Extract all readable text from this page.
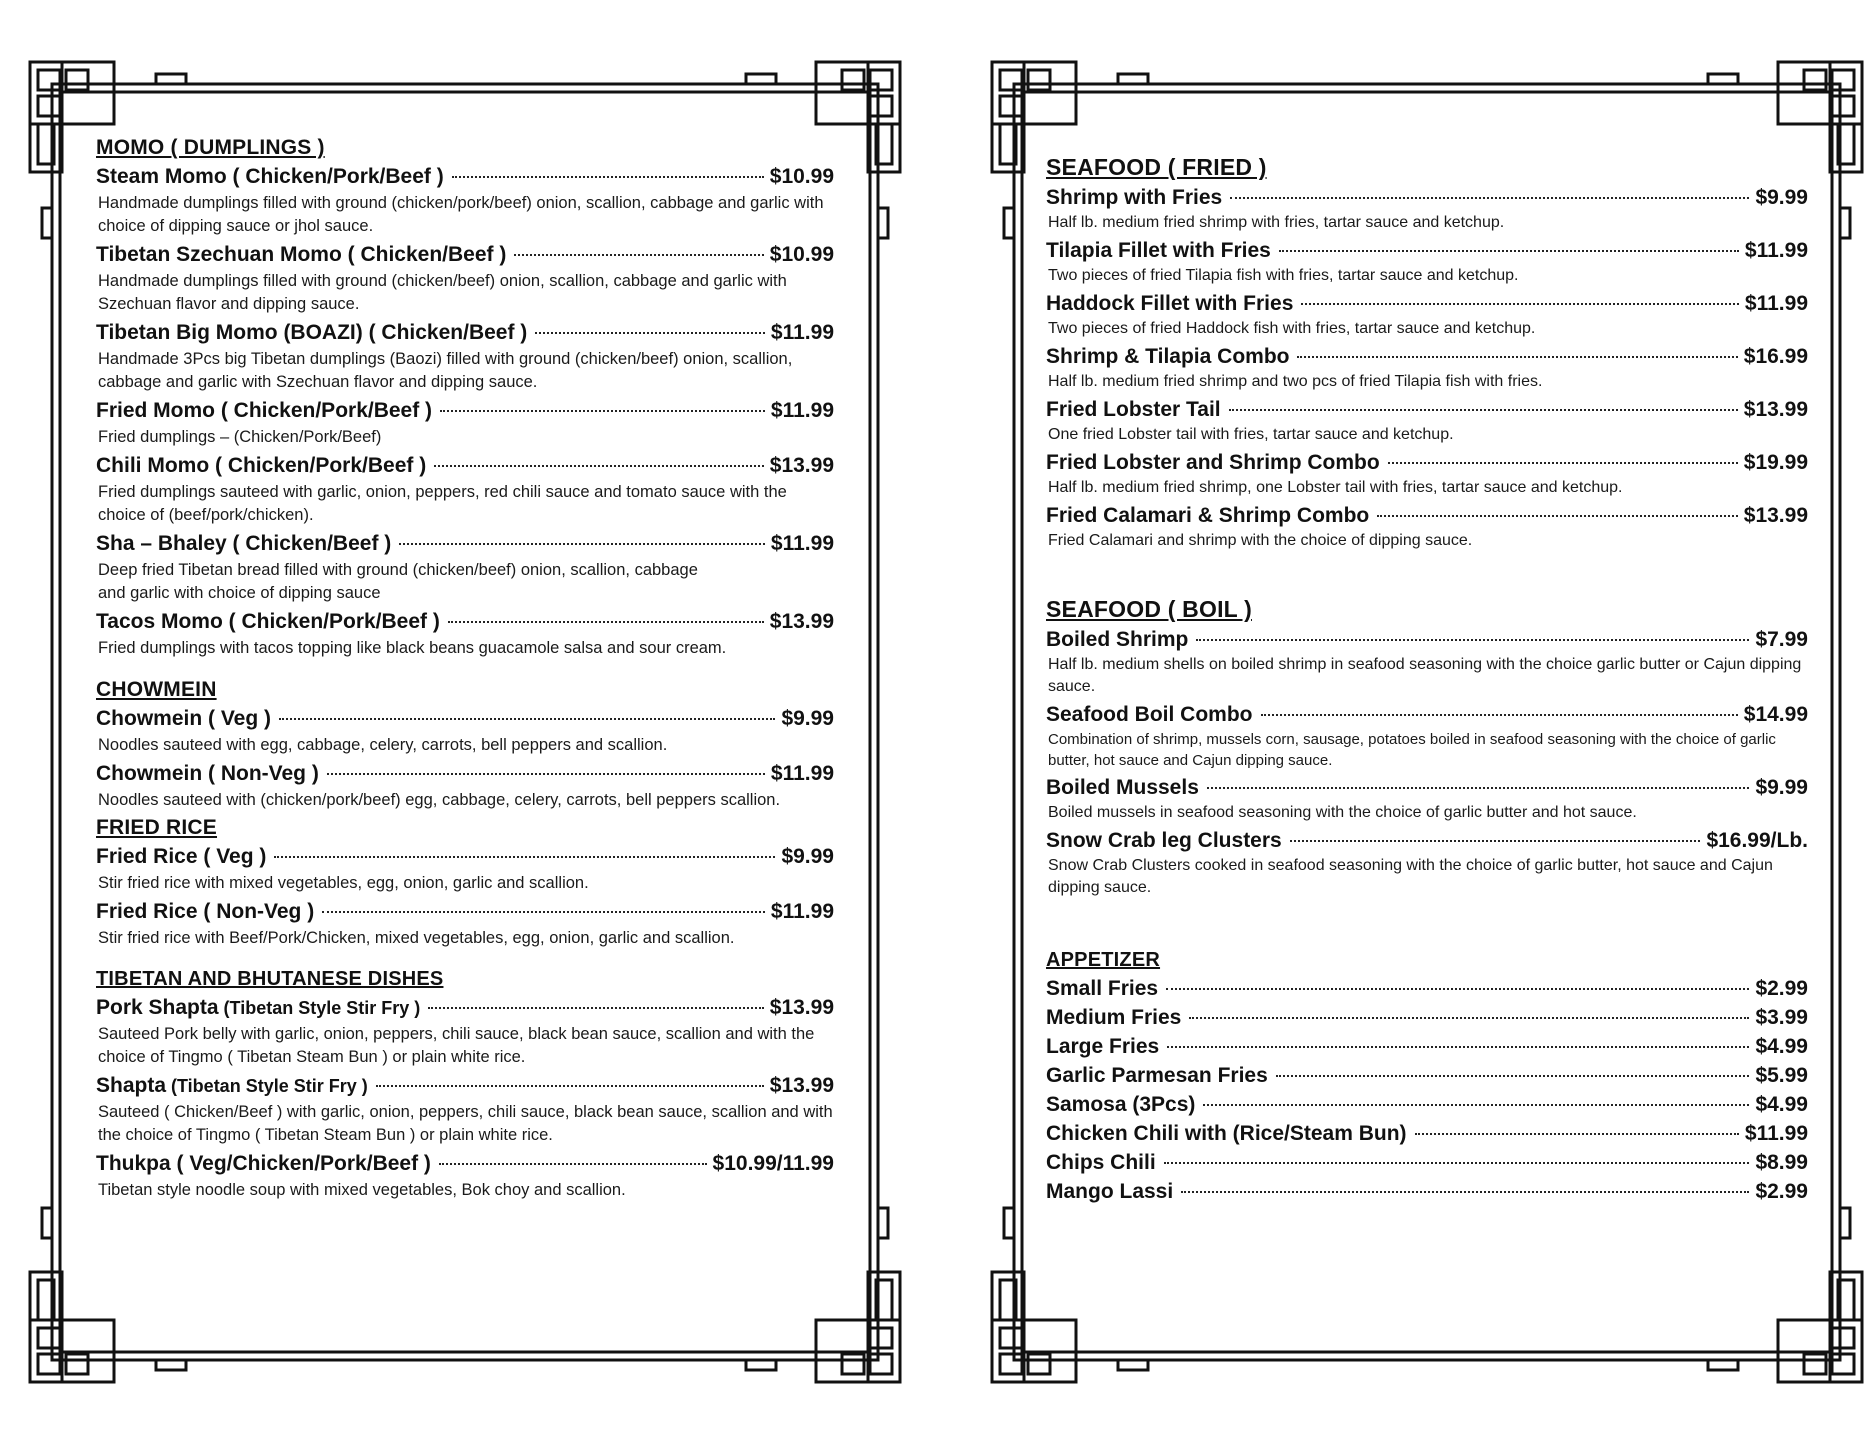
MOMO ( DUMPLINGS )
Steam Momo ( Chicken/Pork/Beef )	$10.99
Handmade dumplings filled with ground (chicken/pork/beef) onion, scallion, cabbage and garlic with choice of dipping sauce or jhol sauce.
Tibetan Szechuan Momo ( Chicken/Beef )	$10.99
Handmade dumplings filled with ground (chicken/beef) onion, scallion, cabbage and garlic with Szechuan flavor and dipping sauce.
Tibetan Big Momo (BOAZI) ( Chicken/Beef )	$11.99
Handmade 3Pcs big Tibetan dumplings (Baozi) filled with ground (chicken/beef) onion, scallion, cabbage and garlic with Szechuan flavor and dipping sauce.
Fried Momo ( Chicken/Pork/Beef )	$11.99
Fried dumplings – (Chicken/Pork/Beef)
Chili Momo ( Chicken/Pork/Beef )	$13.99
Fried dumplings sauteed with garlic, onion, peppers, red chili sauce and tomato sauce with the choice of (beef/pork/chicken).
Sha – Bhaley ( Chicken/Beef )	$11.99
Deep fried Tibetan bread filled with ground (chicken/beef) onion, scallion, cabbage and garlic with choice of dipping sauce
Tacos Momo ( Chicken/Pork/Beef )	$13.99
Fried dumplings with tacos topping like black beans guacamole salsa and sour cream.
CHOWMEIN
Chowmein ( Veg )	$9.99
Noodles sauteed with egg, cabbage, celery, carrots, bell peppers and scallion.
Chowmein ( Non-Veg )	$11.99
Noodles sauteed with (chicken/pork/beef) egg, cabbage, celery, carrots, bell peppers scallion.
FRIED RICE
Fried Rice ( Veg )	$9.99
Stir fried rice with mixed vegetables, egg, onion, garlic and scallion.
Fried Rice ( Non-Veg )	$11.99
Stir fried rice with Beef/Pork/Chicken, mixed vegetables, egg, onion, garlic and scallion.
TIBETAN AND BHUTANESE DISHES
Pork Shapta (Tibetan Style Stir Fry )	$13.99
Sauteed Pork belly with garlic, onion, peppers, chili sauce, black bean sauce, scallion and with the choice of Tingmo ( Tibetan Steam Bun ) or plain white rice.
Shapta (Tibetan Style Stir Fry )	$13.99
Sauteed ( Chicken/Beef ) with garlic, onion, peppers, chili sauce, black bean sauce, scallion and with the choice of Tingmo ( Tibetan Steam Bun ) or plain white rice.
Thukpa ( Veg/Chicken/Pork/Beef )	$10.99/11.99
Tibetan style noodle soup with mixed vegetables, Bok choy and scallion.
SEAFOOD ( FRIED )
Shrimp with Fries	$9.99
Half lb. medium fried shrimp with fries, tartar sauce and ketchup.
Tilapia Fillet with Fries	$11.99
Two pieces of fried Tilapia fish with fries, tartar sauce and ketchup.
Haddock Fillet with Fries	$11.99
Two pieces of fried Haddock fish with fries, tartar sauce and ketchup.
Shrimp & Tilapia Combo	$16.99
Half lb. medium fried shrimp and two pcs of fried Tilapia fish with fries.
Fried Lobster Tail	$13.99
One fried Lobster tail with fries, tartar sauce and ketchup.
Fried Lobster and Shrimp Combo	$19.99
Half lb. medium fried shrimp, one Lobster tail with fries, tartar sauce and ketchup.
Fried Calamari & Shrimp Combo	$13.99
Fried Calamari and shrimp with the choice of dipping sauce.
SEAFOOD ( BOIL )
Boiled Shrimp	$7.99
Half lb. medium shells on boiled shrimp in seafood seasoning with the choice garlic butter or Cajun dipping sauce.
Seafood Boil Combo	$14.99
Combination of shrimp, mussels corn, sausage, potatoes boiled in seafood seasoning with the choice of garlic butter, hot sauce and Cajun dipping sauce.
Boiled Mussels	$9.99
Boiled mussels in seafood seasoning with the choice of garlic butter and hot sauce.
Snow Crab leg Clusters	$16.99/Lb.
Snow Crab Clusters cooked in seafood seasoning with the choice of garlic butter, hot sauce and Cajun dipping sauce.
APPETIZER
Small Fries	$2.99
Medium Fries	$3.99
Large Fries	$4.99
Garlic Parmesan Fries	$5.99
Samosa (3Pcs)	$4.99
Chicken Chili with (Rice/Steam Bun)	$11.99
Chips Chili	$8.99
Mango Lassi	$2.99
